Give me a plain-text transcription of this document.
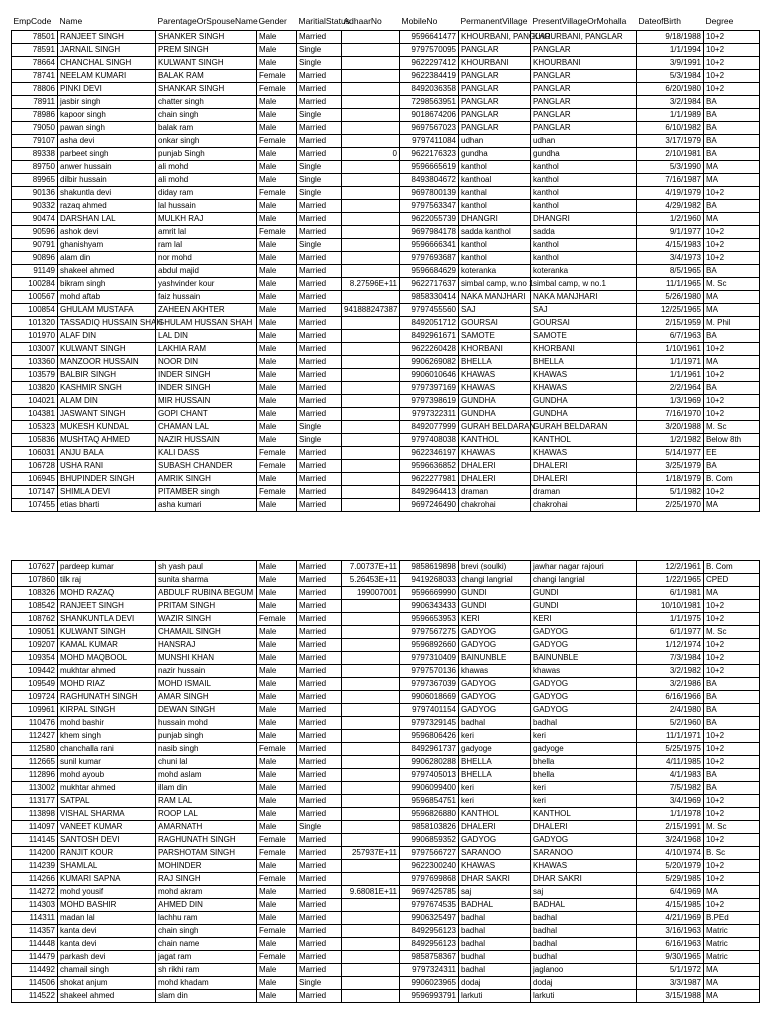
EmpCode	Name	ParentageOrSpouseName	Gender	MaritialStatus	AdhaarNo	MobileNo	PermanentVillage	PresentVillageOrMohalla	DateofBirth	Degree
78501	RANJEET SINGH	SHANKER SINGH	Male	Married		9596641477	KHOURBANI, PANGLAR	KHOURBANI, PANGLAR	9/18/1988	10+2
78591	JARNAIL SINGH	PREM SINGH	Male	Single		9797570095	PANGLAR	PANGLAR	1/1/1994	10+2
78664	CHANCHAL SINGH	KULWANT SINGH	Male	Single		9622297412	KHOURBANI	KHOURBANI	3/9/1991	10+2
78741	NEELAM KUMARI	BALAK RAM	Female	Married		9622384419	PANGLAR	PANGLAR	5/3/1984	10+2
78806	PINKI DEVI	SHANKAR SINGH	Female	Married		8492036358	PANGLAR	PANGLAR	6/20/1980	10+2
78911	jasbir singh	chatter singh	Male	Married		7298563951	PANGLAR	PANGLAR	3/2/1984	BA
78986	kapoor singh	chain singh	Male	Single		9018674206	PANGLAR	PANGLAR	1/1/1989	BA
79050	pawan singh	balak ram	Male	Married		9697567023	PANGLAR	PANGLAR	6/10/1982	BA
79107	asha devi	onkar singh	Female	Married		9797411084	udhan	udhan	3/17/1979	BA
89338	parbeet singh	punjab Singh	Male	Married	0	9622176323	gundha	gundha	2/10/1981	BA
89750	anwer hussain	ali mohd	Male	Single		9596665619	kanthol	kanthol	5/3/1990	MA
89965	dilbir hussain	ali mohd	Male	Single		8493804672	kanthoal	kanthol	7/16/1987	MA
90136	shakuntla devi	diday ram	Female	Single		9697800139	kanthal	kanthol	4/19/1979	10+2
90332	razaq ahmed	lal hussain	Male	Married		9797563347	kanthol	kanthol	4/29/1982	BA
90474	DARSHAN LAL	MULKH RAJ	Male	Married		9622055739	DHANGRI	DHANGRI	1/2/1960	MA
90596	ashok devi	amrit lal	Female	Married		9697984178	sadda kanthol	sadda	9/1/1977	10+2
90791	ghanishyam	ram lal	Male	Single		9596666341	kanthol	kanthol	4/15/1983	10+2
90896	alam din	nor mohd	Male	Married		9797693687	kanthol	kanthol	3/4/1973	10+2
91149	shakeel ahmed	abdul majid	Male	Married		9596684629	koteranka	koteranka	8/5/1965	BA
100284	bikram singh	yashvinder kour	Male	Married	8.27596E+11	9622717637	simbal camp, w.no 1	simbal camp, w no.1	11/1/1965	M. Sc
100567	mohd aftab	faiz hussain	Male	Married		9858330414	NAKA MANJHARI	NAKA MANJHARI	5/26/1980	MA
100854	GHULAM MUSTAFA	ZAHEEN AKHTER	Male	Married	941888247387	9797455560	SAJ	SAJ	12/25/1965	MA
101320	TASSADIQ HUSSAIN SHAH	GHULAM HUSSAN SHAH	Male	Married		8492051712	GOURSAI	GOURSAI	2/15/1959	M. Phil
101970	ALAF DIN	LAL DIN	Male	Married		8492961671	SAMOTE	SAMOTE	6/7/1963	BA
103007	KULWANT SINGH	LAKHIA RAM	Male	Married		9622260428	KHORBANI	KHORBANI	1/10/1961	10+2
103360	MANZOOR HUSSAIN	NOOR DIN	Male	Married		9906269082	BHELLA	BHELLA	1/1/1971	MA
103579	BALBIR SINGH	INDER SINGH	Male	Married		9906010646	KHAWAS	KHAWAS	1/1/1961	10+2
103820	KASHMIR SNGH	INDER SINGH	Male	Married		9797397169	KHAWAS	KHAWAS	2/2/1964	BA
104021	ALAM DIN	MIR HUSSAIN	Male	Married		9797398619	GUNDHA	GUNDHA	1/3/1969	10+2
104381	JASWANT SINGH	GOPI CHANT	Male	Married		9797322311	GUNDHA	GUNDHA	7/16/1970	10+2
105323	MUKESH KUNDAL	CHAMAN LAL	Male	Single		8492077999	GURAH BELDARAN	GURAH BELDARAN	3/20/1988	M. Sc
105836	MUSHTAQ AHMED	NAZIR HUSSAIN	Male	Single		9797408038	KANTHOL	KANTHOL	1/2/1982	Below 8th
106031	ANJU BALA	KALI DASS	Female	Married		9622346197	KHAWAS	KHAWAS	5/14/1977	EE
106728	USHA RANI	SUBASH CHANDER	Female	Married		9596636852	DHALERI	DHALERI	3/25/1979	BA
106945	BHUPINDER SINGH	AMRIK SINGH	Male	Married		9622277981	DHALERI	DHALERI	1/18/1979	B. Com
107147	SHIMLA DEVI	PITAMBER singh	Female	Married		8492964413	draman	draman	5/1/1982	10+2
107455	etias bharti	asha kumari	Male	Married		9697246490	chakrohai	chakrohai	2/25/1970	MA
107627	pardeep kumar	sh yash paul	Male	Married	7.00737E+11	9858619898	brevi (soulki)	jawhar nagar rajouri	12/2/1961	B. Com
107860	tilk raj	sunita sharma	Male	Married	5.26453E+11	9419268033	changi langrial	changi langrial	1/22/1965	CPED
108326	MOHD RAZAQ	ABDULF RUBINA BEGUM	Male	Married	199007001	9596669990	GUNDI	GUNDI	6/1/1981	MA
108542	RANJEET SINGH	PRITAM SINGH	Male	Married		9906343433	GUNDI	GUNDI	10/10/1981	10+2
108762	SHANKUNTLA DEVI	WAZIR SINGH	Female	Married		9596653953	KERI	KERI	1/1/1975	10+2
109051	KULWANT SINGH	CHAMAIL SINGH	Male	Married		9797567275	GADYOG	GADYOG	6/1/1977	M. Sc
109207	KAMAL KUMAR	HANSRAJ	Male	Married		9596892660	GADYOG	GADYOG	1/12/1974	10+2
109354	MOHD MAQBOOL	MUNSHI KHAN	Male	Married		9797310409	BAINUNBLE	BAINUNBLE	7/3/1984	10+2
109442	mukhtar ahmed	nazir hussain	Male	Married		9797570136	khawas	khawas	3/2/1982	10+2
109549	MOHD RIAZ	MOHD ISMAIL	Male	Married		9797367039	GADYOG	GADYOG	3/2/1986	BA
109724	RAGHUNATH SINGH	AMAR SINGH	Male	Married		9906018669	GADYOG	GADYOG	6/16/1966	BA
109961	KIRPAL SINGH	DEWAN SINGH	Male	Married		9797401154	GADYOG	GADYOG	2/4/1980	BA
110476	mohd bashir	hussain mohd	Male	Married		9797329145	badhal	badhal	5/2/1960	BA
112427	khem singh	punjab singh	Male	Married		9596806426	keri	keri	11/1/1971	10+2
112580	chanchalla rani	nasib singh	Female	Married		8492961737	gadyoge	gadyoge	5/25/1975	10+2
112665	sunil kumar	chuni lal	Male	Married		9906280288	BHELLA	bhella	4/11/1985	10+2
112896	mohd ayoub	mohd aslam	Male	Married		9797405013	BHELLA	bhella	4/1/1983	BA
113002	mukhtar ahmed	illam din	Male	Married		9906099400	keri	keri	7/5/1982	BA
113177	SATPAL	RAM LAL	Male	Married		9596854751	keri	keri	3/4/1969	10+2
113898	VISHAL SHARMA	ROOP LAL	Male	Married		9596826880	KANTHOL	KANTHOL	1/1/1978	10+2
114097	VANEET KUMAR	AMARNATH	Male	Single		9858103826	DHALERI	DHALERI	2/15/1991	M. Sc
114145	SANTOSH DEVI	RAGHUNATH SINGH	Female	Married		9906859352	GADYOG	GADYOG	3/24/1968	10+2
114200	RANJIT KOUR	PARSHOTAM SINGH	Female	Married	257937E+11	9797566727	SARANOO	SARANOO	4/10/1974	B. Sc
114239	SHAMLAL	MOHINDER	Male	Married		9622300240	KHAWAS	KHAWAS	5/20/1979	10+2
114266	KUMARI SAPNA	RAJ SINGH	Female	Married		9797699868	DHAR SAKRI	DHAR SAKRI	5/29/1985	10+2
114272	mohd yousif	mohd akram	Male	Married	9.68081E+11	9697425785	saj	saj	6/4/1969	MA
114303	MOHD BASHIR	AHMED DIN	Male	Married		9797674535	BADHAL	BADHAL	4/15/1985	10+2
114311	madan lal	lachhu ram	Male	Married		9906325497	badhal	badhal	4/21/1969	B.PEd
114357	kanta devi	chain singh	Female	Married		8492956123	badhal	badhal	3/16/1963	Matric
114448	kanta devi	chain name	Male	Married		8492956123	badhal	badhal	6/16/1963	Matric
114479	parkash devi	jagat ram	Female	Married		9858758367	budhal	budhal	9/30/1965	Matric
114492	chamail singh	sh rikhi ram	Male	Married		9797324311	badhal	jaglanoo	5/1/1972	MA
114506	shokat anjum	mohd khadam	Male	Single		9906023965	dodaj	dodaj	3/3/1987	MA
114522	shakeel ahmed	slam din	Male	Married		9596993791	larkuti	larkuti	3/15/1988	MA
